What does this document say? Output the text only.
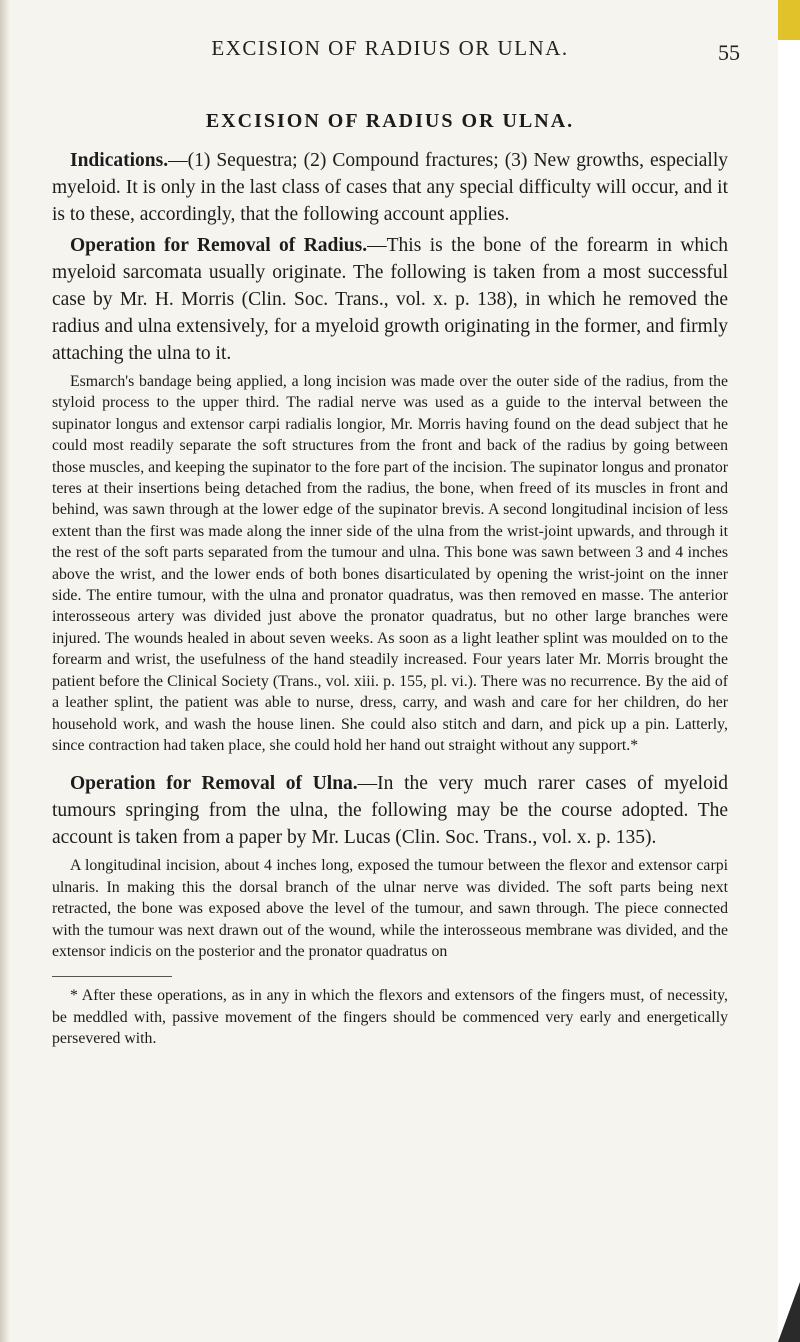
EXCISION OF RADIUS OR ULNA.	55
EXCISION OF RADIUS OR ULNA.

Indications.—(1) Sequestra; (2) Compound fractures; (3) New growths, especially myeloid. It is only in the last class of cases that any special difficulty will occur, and it is to these, accordingly, that the following account applies.

Operation for Removal of Radius.—This is the bone of the forearm in which myeloid sarcomata usually originate. The following is taken from a most successful case by Mr. H. Morris (Clin. Soc. Trans., vol. x. p. 138), in which he removed the radius and ulna extensively, for a myeloid growth originating in the former, and firmly attaching the ulna to it.

Esmarch's bandage being applied, a long incision was made over the outer side of the radius, from the styloid process to the upper third. The radial nerve was used as a guide to the interval between the supinator longus and extensor carpi radialis longior, Mr. Morris having found on the dead subject that he could most readily separate the soft structures from the front and back of the radius by going between those muscles, and keeping the supinator to the fore part of the incision. The supinator longus and pronator teres at their insertions being detached from the radius, the bone, when freed of its muscles in front and behind, was sawn through at the lower edge of the supinator brevis. A second longitudinal incision of less extent than the first was made along the inner side of the ulna from the wrist-joint upwards, and through it the rest of the soft parts separated from the tumour and ulna. This bone was sawn between 3 and 4 inches above the wrist, and the lower ends of both bones disarticulated by opening the wrist-joint on the inner side. The entire tumour, with the ulna and pronator quadratus, was then removed en masse. The anterior interosseous artery was divided just above the pronator quadratus, but no other large branches were injured. The wounds healed in about seven weeks. As soon as a light leather splint was moulded on to the forearm and wrist, the usefulness of the hand steadily increased. Four years later Mr. Morris brought the patient before the Clinical Society (Trans., vol. xiii. p. 155, pl. vi.). There was no recurrence. By the aid of a leather splint, the patient was able to nurse, dress, carry, and wash and care for her children, do her household work, and wash the house linen. She could also stitch and darn, and pick up a pin. Latterly, since contraction had taken place, she could hold her hand out straight without any support.*

Operation for Removal of Ulna.—In the very much rarer cases of myeloid tumours springing from the ulna, the following may be the course adopted. The account is taken from a paper by Mr. Lucas (Clin. Soc. Trans., vol. x. p. 135).

A longitudinal incision, about 4 inches long, exposed the tumour between the flexor and extensor carpi ulnaris. In making this the dorsal branch of the ulnar nerve was divided. The soft parts being next retracted, the bone was exposed above the level of the tumour, and sawn through. The piece connected with the tumour was next drawn out of the wound, while the interosseous membrane was divided, and the extensor indicis on the posterior and the pronator quadratus on

* After these operations, as in any in which the flexors and extensors of the fingers must, of necessity, be meddled with, passive movement of the fingers should be commenced very early and energetically persevered with.
